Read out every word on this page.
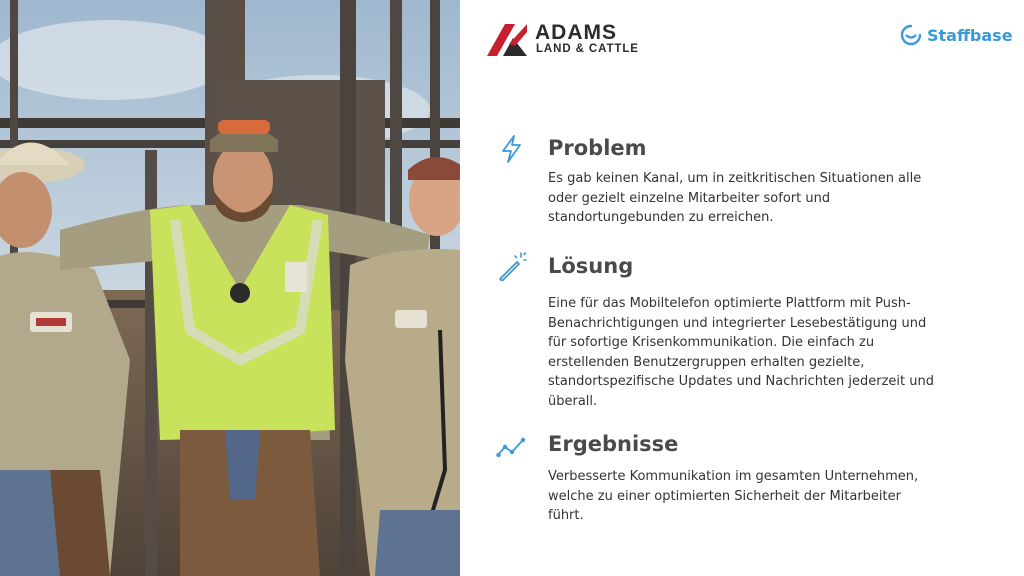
ADAMS
LAND & CATTLE
Staffbase
Problem
Es gab keinen Kanal, um in zeitkritischen Situationen alle oder gezielt einzelne Mitarbeiter sofort und standortungebunden zu erreichen.
Lösung
Eine für das Mobiltelefon optimierte Plattform mit Push-Benachrichtigungen und integrierter Lesebestätigung und für sofortige Krisenkommunikation. Die einfach zu erstellenden Benutzergruppen erhalten gezielte, standortspezifische Updates und Nachrichten jederzeit und überall.
Ergebnisse
Verbesserte Kommunikation im gesamten Unternehmen, welche zu einer optimierten Sicherheit der Mitarbeiter führt.
